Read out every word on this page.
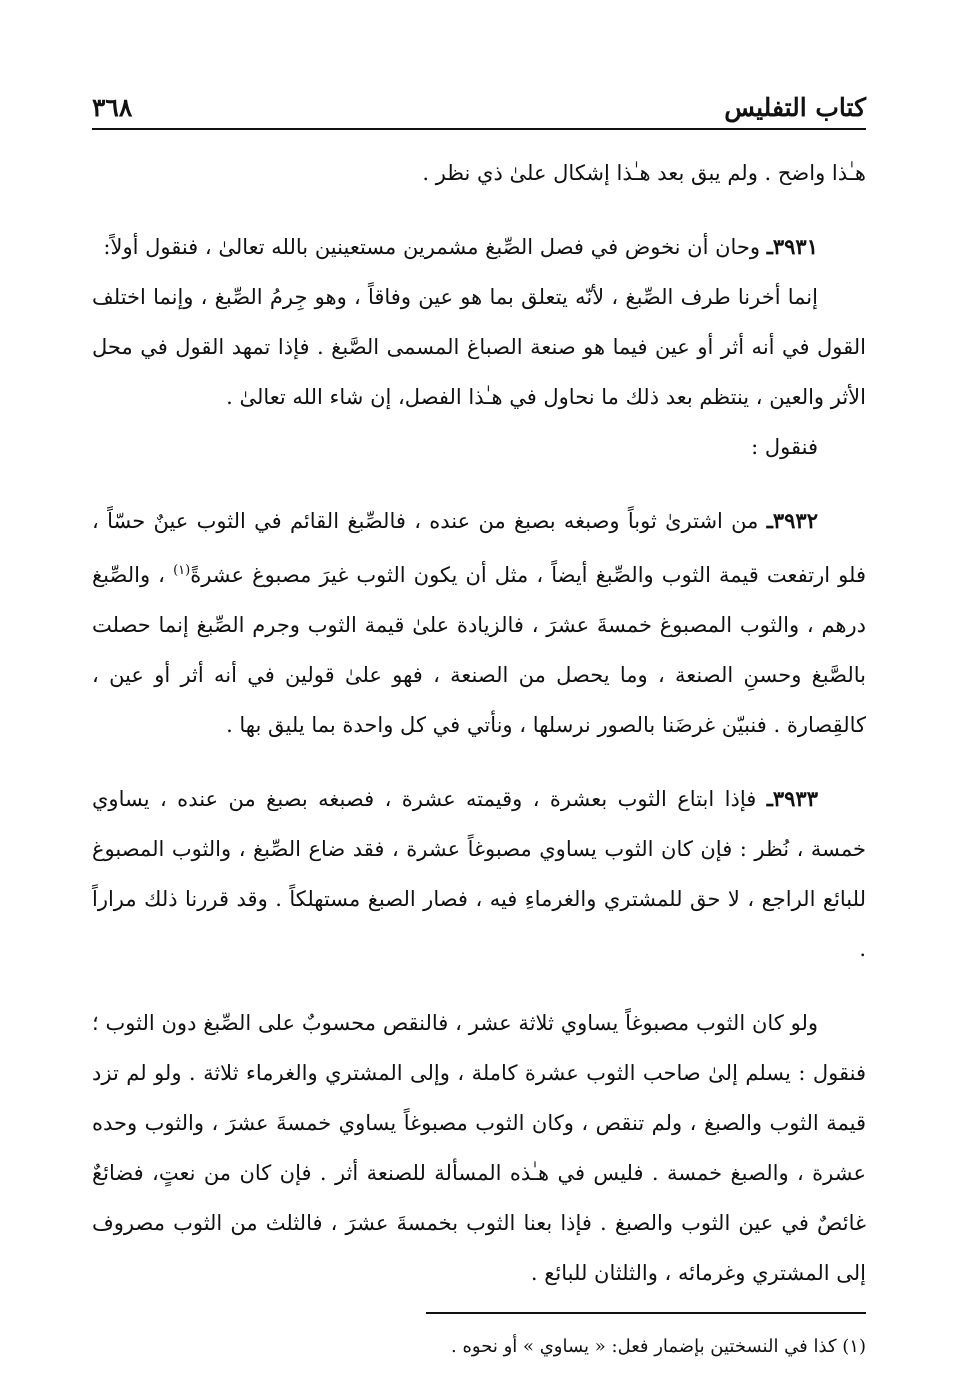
كتاب التفليس
٣٦٨

هـٰذا واضح . ولم يبق بعد هـٰذا إشكال علىٰ ذي نظر .

٣٩٣١ـ وحان أن نخوض في فصل الصِّبغ مشمرين مستعينين بالله تعالىٰ ، فنقول أولاً:

إنما أخرنا طرف الصِّبغ ، لأنّه يتعلق بما هو عين وفاقاً ، وهو جِرمُ الصِّبغ ، وإنما اختلف القول في أنه أثر أو عين فيما هو صنعة الصباغ المسمى الصَّبغ . فإذا تمهد القول في محل الأثر والعين ، ينتظم بعد ذلك ما نحاول في هـٰذا الفصل، إن شاء الله تعالىٰ .

فنقول :

٣٩٣٢ـ من اشترىٰ ثوباً وصبغه بصبغ من عنده ، فالصِّبغ القائم في الثوب عينٌ حسّاً ، فلو ارتفعت قيمة الثوب والصِّبغ أيضاً ، مثل أن يكون الثوب غيرَ مصبوغ عشرةً$^{(١)}$ ، والصِّبغ درهم ، والثوب المصبوغ خمسةَ عشرَ ، فالزيادة علىٰ قيمة الثوب وجرم الصِّبغ إنما حصلت بالصَّبغ وحسنِ الصنعة ، وما يحصل من الصنعة ، فهو علىٰ قولين في أنه أثر أو عين ، كالقِصارة . فنبيّن غرضَنا بالصور نرسلها ، ونأتي في كل واحدة بما يليق بها .

٣٩٣٣ـ فإذا ابتاع الثوب بعشرة ، وقيمته عشرة ، فصبغه بصبغ من عنده ، يساوي خمسة ، نُظر : فإن كان الثوب يساوي مصبوغاً عشرة ، فقد ضاع الصِّبغ ، والثوب المصبوغ للبائع الراجع ، لا حق للمشتري والغرماءِ فيه ، فصار الصبغ مستهلكاً . وقد قررنا ذلك مراراً .

ولو كان الثوب مصبوغاً يساوي ثلاثة عشر ، فالنقص محسوبٌ على الصِّبغ دون الثوب ؛ فنقول : يسلم إلىٰ صاحب الثوب عشرة كاملة ، وإلى المشتري والغرماء ثلاثة . ولو لم تزد قيمة الثوب والصبغ ، ولم تنقص ، وكان الثوب مصبوغاً يساوي خمسةَ عشرَ ، والثوب وحده عشرة ، والصبغ خمسة . فليس في هـٰذه المسألة للصنعة أثر . فإن كان من نعتٍ، فضائعٌ غائصٌ في عين الثوب والصبغ . فإذا بعنا الثوب بخمسةَ عشرَ ، فالثلث من الثوب مصروف إلى المشتري وغرمائه ، والثلثان للبائع .

(١) كذا في النسختين بإضمار فعل: « يساوي » أو نحوه .
